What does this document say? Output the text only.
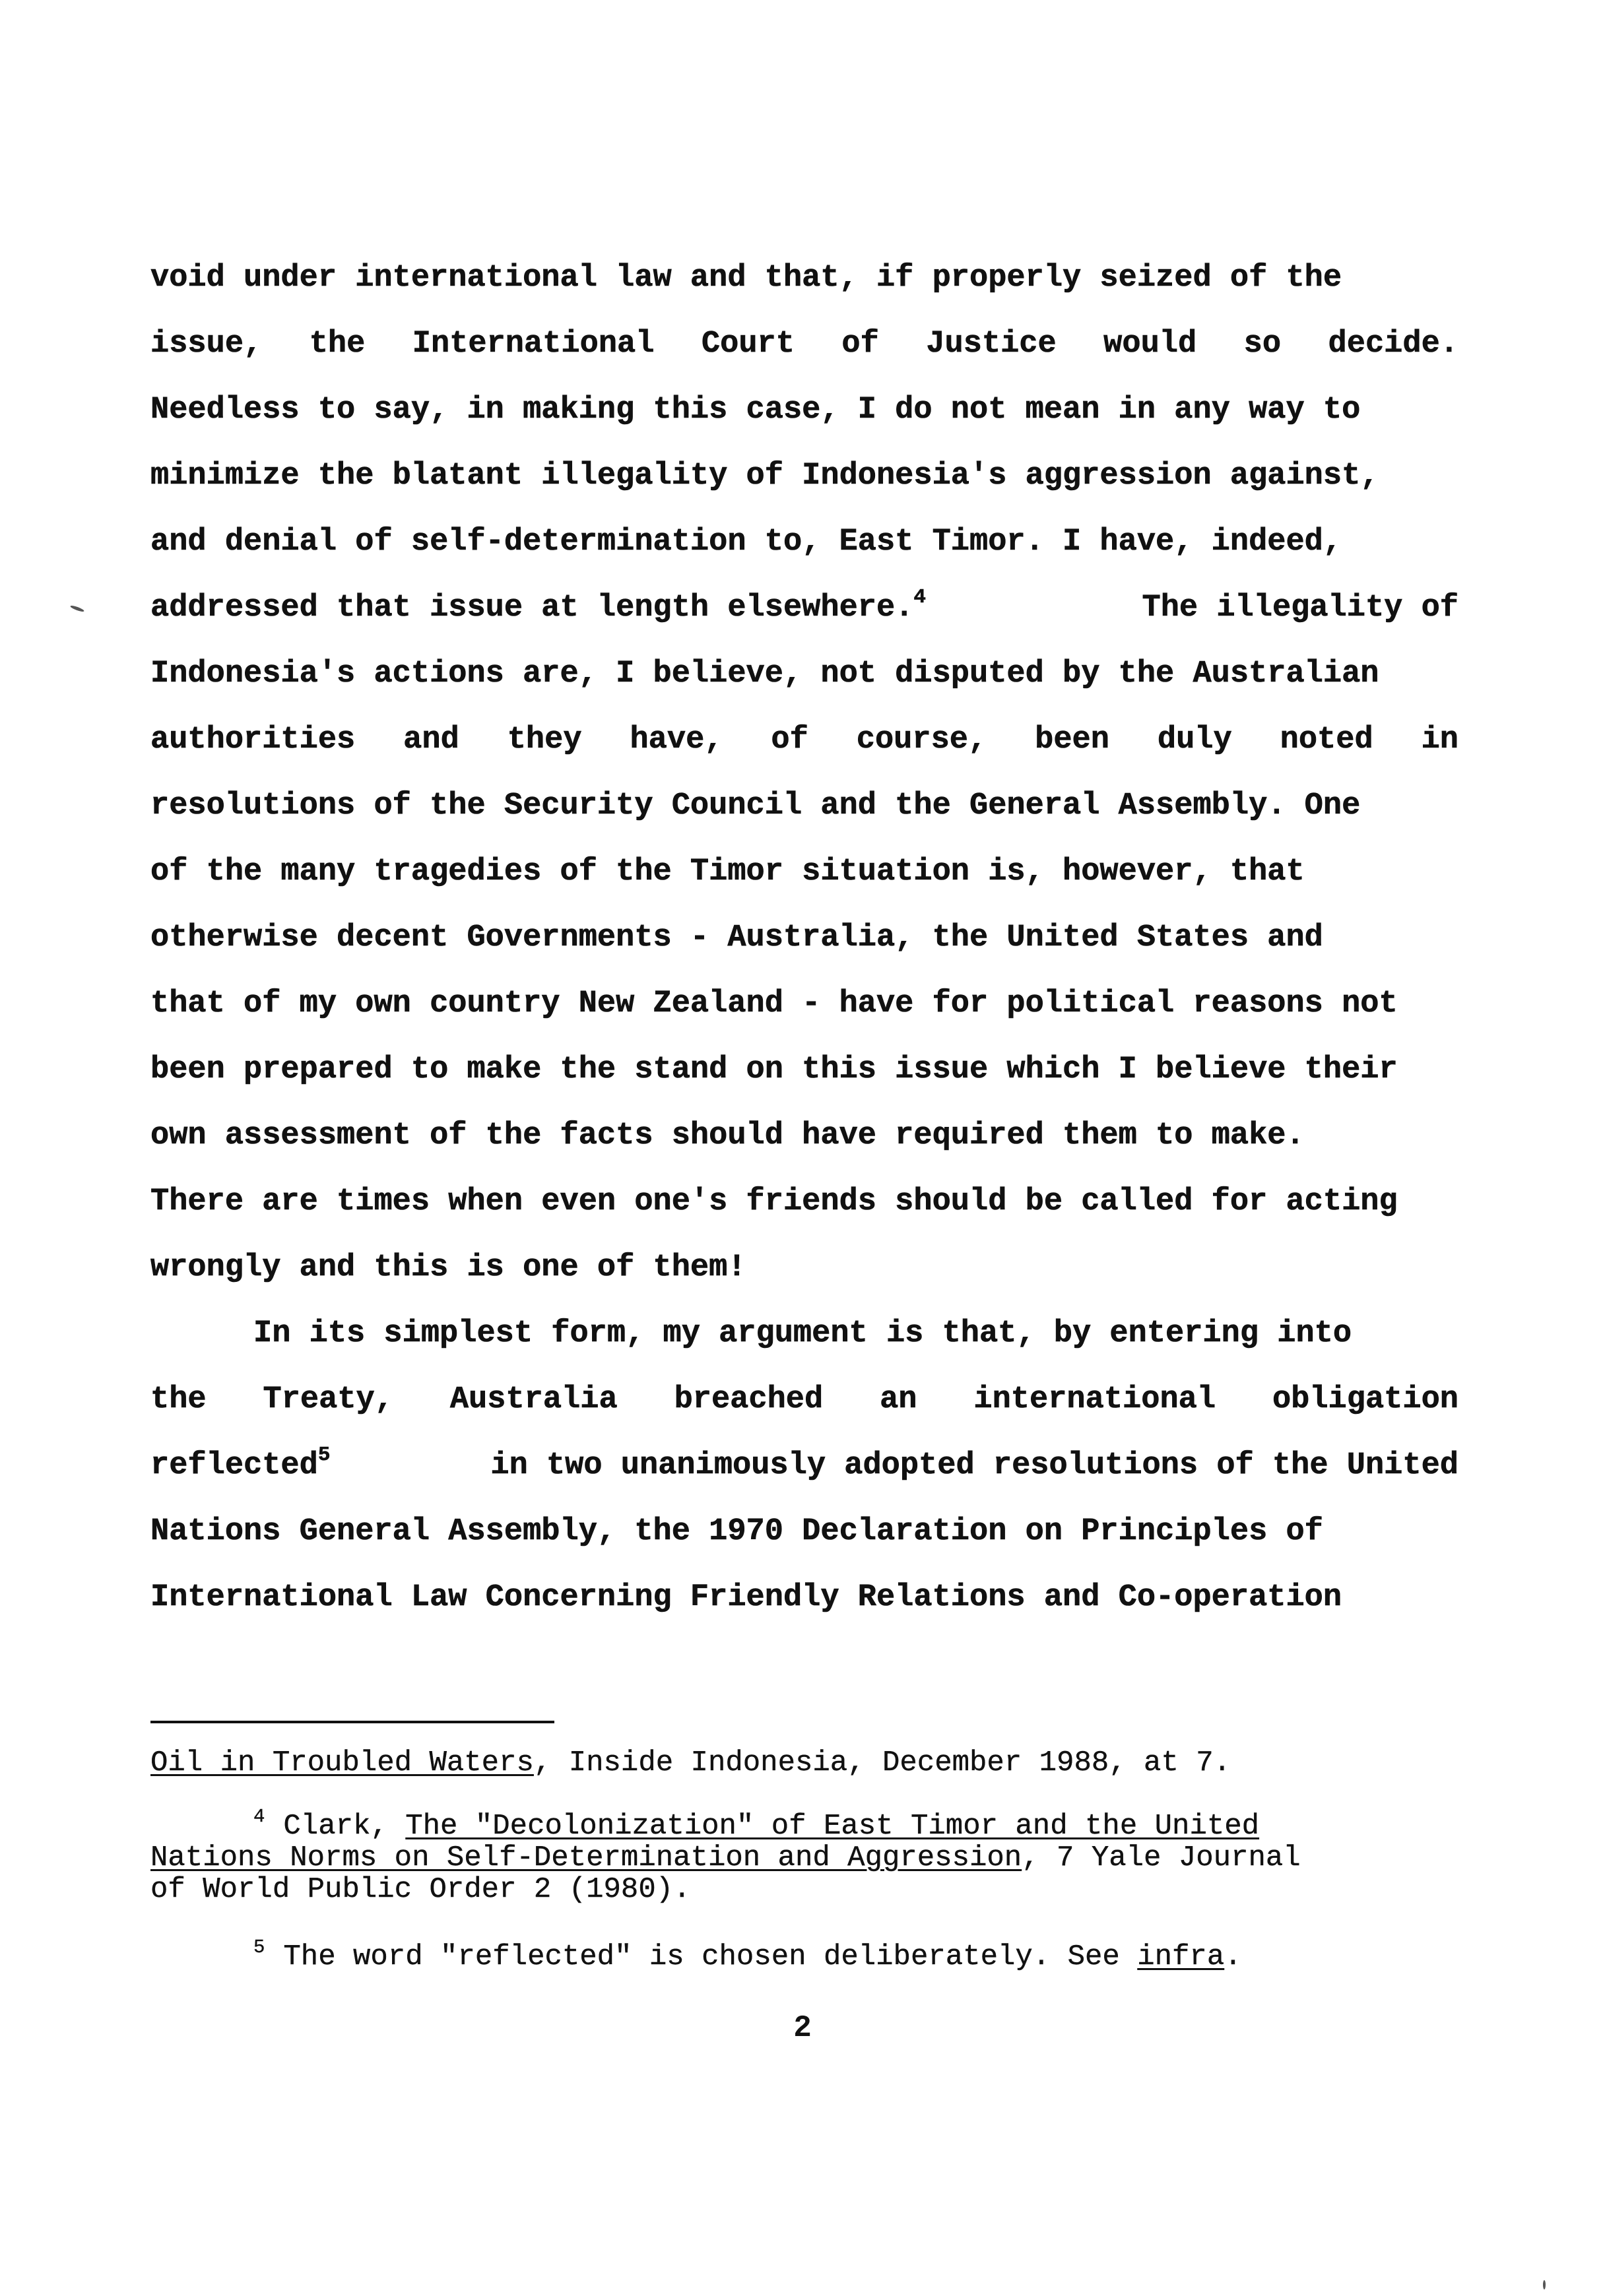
void under international law and that, if properly seized of the
issue, the International Court of Justice would so decide.
Needless to say, in making this case, I do not mean in any way to
minimize the blatant illegality of Indonesia's aggression against,
and denial of self-determination to, East Timor. I have, indeed,
addressed that issue at length elsewhere.$^4$	The illegality of
Indonesia's actions are, I believe, not disputed by the Australian
authorities and they have, of course, been duly noted in
resolutions of the Security Council and the General Assembly. One
of the many tragedies of the Timor situation is, however, that
otherwise decent Governments - Australia, the United States and
that of my own country New Zealand - have for political reasons not
been prepared to make the stand on this issue which I believe their
own assessment of the facts should have required them to make.
There are times when even one's friends should be called for acting
wrongly and this is one of them!
In its simplest form, my argument is that, by entering into
the Treaty, Australia breached an international obligation
reflected$^5$	in two unanimously adopted resolutions of the United
Nations General Assembly, the 1970 Declaration on Principles of
International Law Concerning Friendly Relations and Co-operation
Oil in Troubled Waters, Inside Indonesia, December 1988, at 7.
$^4$ Clark, The "Decolonization" of East Timor and the United
Nations Norms on Self-Determination and Aggression, 7 Yale Journal
of World Public Order 2 (1980).
$^5$ The word "reflected" is chosen deliberately. See infra.
2
